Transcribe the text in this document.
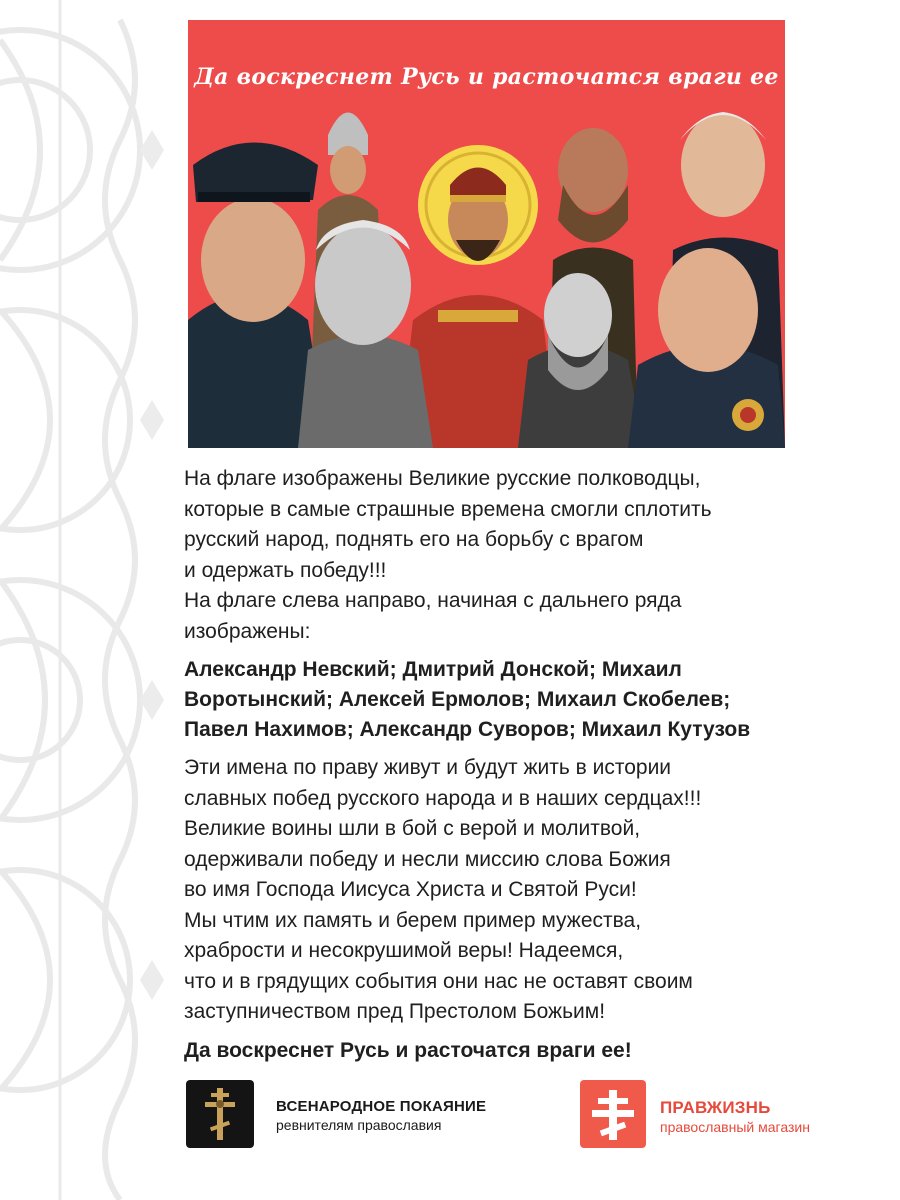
Да воскреснет Русь и расточатся враги ее

На флаге изображены Великие русские полководцы,
которые в самые страшные времена смогли сплотить
русский народ, поднять его на борьбу с врагом
и одержать победу!!!
На флаге слева направо, начиная с дальнего ряда
изображены:

Александр Невский; Дмитрий Донской; Михаил
Воротынский; Алексей Ермолов; Михаил Скобелев;
Павел Нахимов; Александр Суворов; Михаил Кутузов

Эти имена по праву живут и будут жить в истории
славных побед русского народа и в наших сердцах!!!
Великие воины шли в бой с верой и молитвой,
одерживали победу и несли миссию слова Божия
во имя Господа Иисуса Христа и Святой Руси!
Мы чтим их память и берем пример мужества,
храбрости и несокрушимой веры! Надеемся,
что и в грядущих события они нас не оставят своим
заступничеством пред Престолом Божьим!

Да воскреснет Русь и расточатся враги ее!

ВСЕНАРОДНОЕ ПОКАЯНИЕ
ревнителям православия
ПРАВЖИЗНЬ
православный магазин
